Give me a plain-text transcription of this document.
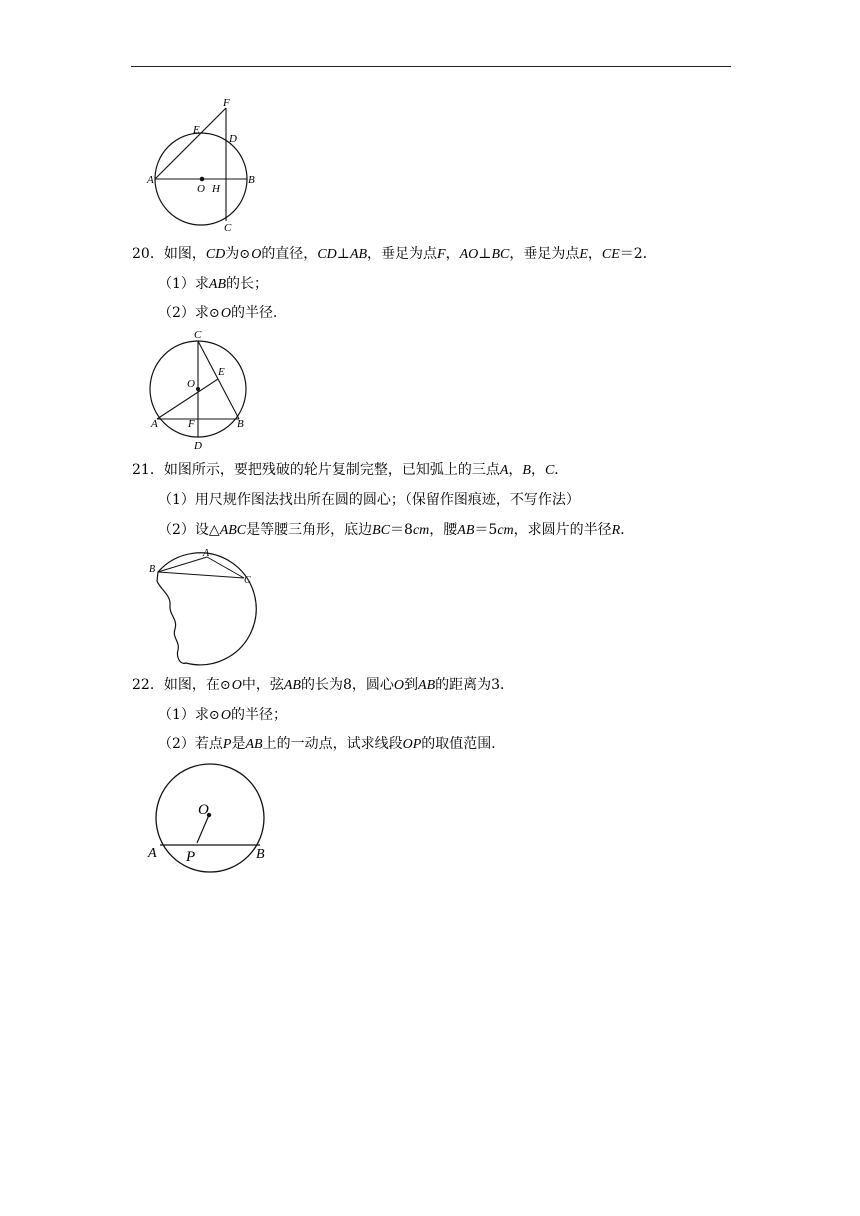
F
E
D
A	B
O H
C
20．如图，CD为⊙O的直径，CD⊥AB，垂足为点F，AO⊥BC，垂足为点E，CE＝2．
（1）求AB的长；
（2）求⊙O的半径．
C
O
E
A	F	B
D
21．如图所示，要把残破的轮片复制完整，已知弧上的三点A，B，C．
（1）用尺规作图法找出所在圆的圆心；（保留作图痕迹，不写作法）
（2）设△ABC是等腰三角形，底边BC＝8cm，腰AB＝5cm，求圆片的半径R．
A
B
C
22．如图，在⊙O中，弦AB的长为8，圆心O到AB的距离为3．
（1）求⊙O的半径；
（2）若点P是AB上的一动点，试求线段OP的取值范围．
O
A P	B
